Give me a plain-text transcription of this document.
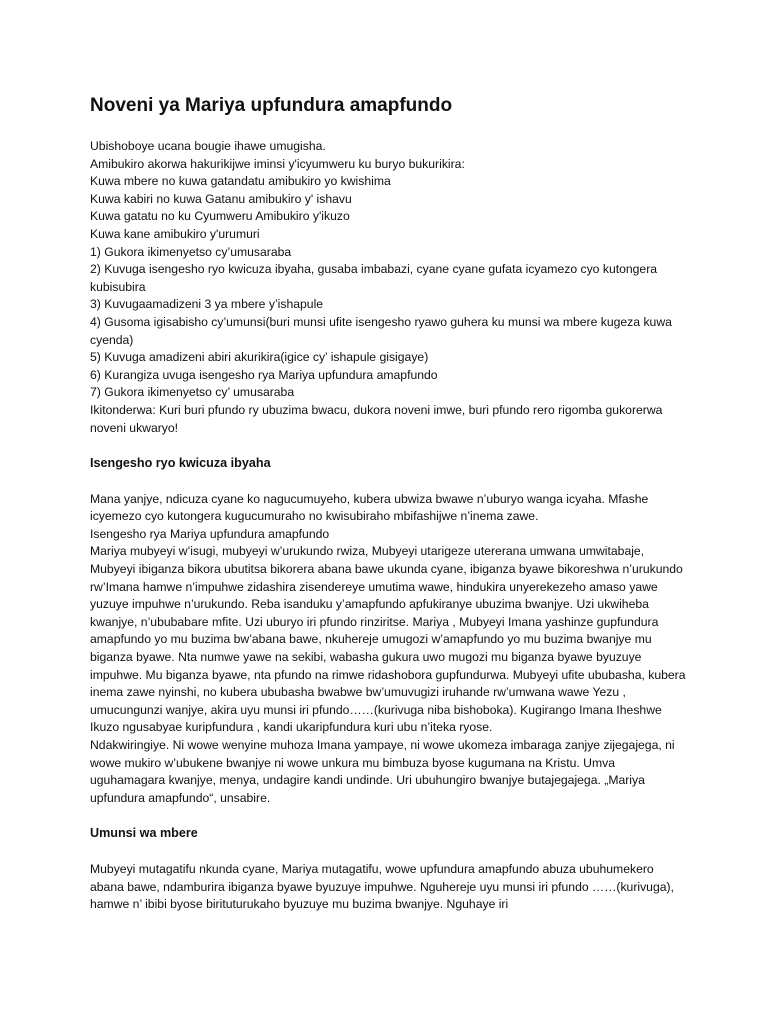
Noveni ya Mariya upfundura amapfundo

Ubishoboye ucana bougie ihawe umugisha.

Amibukiro akorwa hakurikijwe iminsi y'icyumweru ku buryo bukurikira:

Kuwa mbere no kuwa gatandatu amibukiro yo kwishima

Kuwa kabiri no kuwa Gatanu amibukiro y' ishavu

Kuwa gatatu no ku Cyumweru Amibukiro y'ikuzo

Kuwa kane amibukiro y'urumuri

1) Gukora ikimenyetso cy’umusaraba

2) Kuvuga isengesho ryo kwicuza ibyaha, gusaba imbabazi, cyane cyane gufata icyamezo cyo kutongera kubisubira

3) Kuvugaamadizeni 3 ya mbere y’ishapule

4) Gusoma igisabisho cy’umunsi(buri munsi ufite isengesho ryawo guhera ku munsi wa mbere kugeza kuwa cyenda)

5) Kuvuga amadizeni abiri akurikira(igice cy’ ishapule gisigaye)

6) Kurangiza uvuga isengesho rya Mariya upfundura amapfundo

7) Gukora ikimenyetso cy’ umusaraba

Ikitonderwa: Kuri buri pfundo ry ubuzima bwacu, dukora noveni imwe, buri pfundo rero rigomba gukorerwa noveni ukwaryo!

Isengesho ryo kwicuza ibyaha

Mana yanjye, ndicuza cyane ko nagucumuyeho, kubera ubwiza bwawe n’uburyo wanga icyaha. Mfashe icyemezo cyo kutongera kugucumuraho no kwisubiraho mbifashijwe n’inema zawe.

Isengesho rya Mariya upfundura amapfundo

Mariya mubyeyi w’isugi, mubyeyi w’urukundo rwiza, Mubyeyi utarigeze utererana umwana umwitabaje, Mubyeyi ibiganza bikora ubutitsa bikorera abana bawe ukunda cyane, ibiganza byawe bikoreshwa n’urukundo rw’Imana hamwe n’impuhwe zidashira zisendereye umutima wawe, hindukira unyerekezeho amaso yawe yuzuye impuhwe n’urukundo. Reba isanduku y’amapfundo apfukiranye ubuzima bwanjye. Uzi ukwiheba kwanjye, n’ububabare mfite. Uzi uburyo iri pfundo rinziritse. Mariya , Mubyeyi Imana yashinze gupfundura amapfundo yo mu buzima bw’abana bawe, nkuhereje umugozi w’amapfundo yo mu buzima bwanjye mu biganza byawe. Nta numwe yawe na sekibi, wabasha gukura uwo mugozi mu biganza byawe byuzuye impuhwe. Mu biganza byawe, nta pfundo na rimwe ridashobora gupfundurwa. Mubyeyi ufite ububasha, kubera inema zawe nyinshi, no kubera ububasha bwabwe bw’umuvugizi iruhande rw’umwana wawe Yezu , umucungunzi wanjye, akira uyu munsi iri pfundo……(kurivuga niba bishoboka). Kugirango Imana Iheshwe Ikuzo ngusabyae kuripfundura , kandi ukaripfundura kuri ubu n’iteka ryose.

Ndakwiringiye. Ni wowe wenyine muhoza Imana yampaye, ni wowe ukomeza imbaraga zanjye zijegajega, ni wowe mukiro w’ubukene bwanjye ni wowe unkura mu bimbuza byose kugumana na Kristu. Umva uguhamagara kwanjye, menya, undagire kandi undinde. Uri ubuhungiro bwanjye butajegajega. „Mariya upfundura amapfundo“, unsabire.

Umunsi wa mbere

Mubyeyi mutagatifu nkunda cyane, Mariya mutagatifu, wowe upfundura amapfundo abuza ubuhumekero abana bawe, ndamburira ibiganza byawe byuzuye impuhwe. Nguhereje uyu munsi iri pfundo ……(kurivuga), hamwe n’ ibibi byose birituturukaho byuzuye mu buzima bwanjye. Nguhaye iri
